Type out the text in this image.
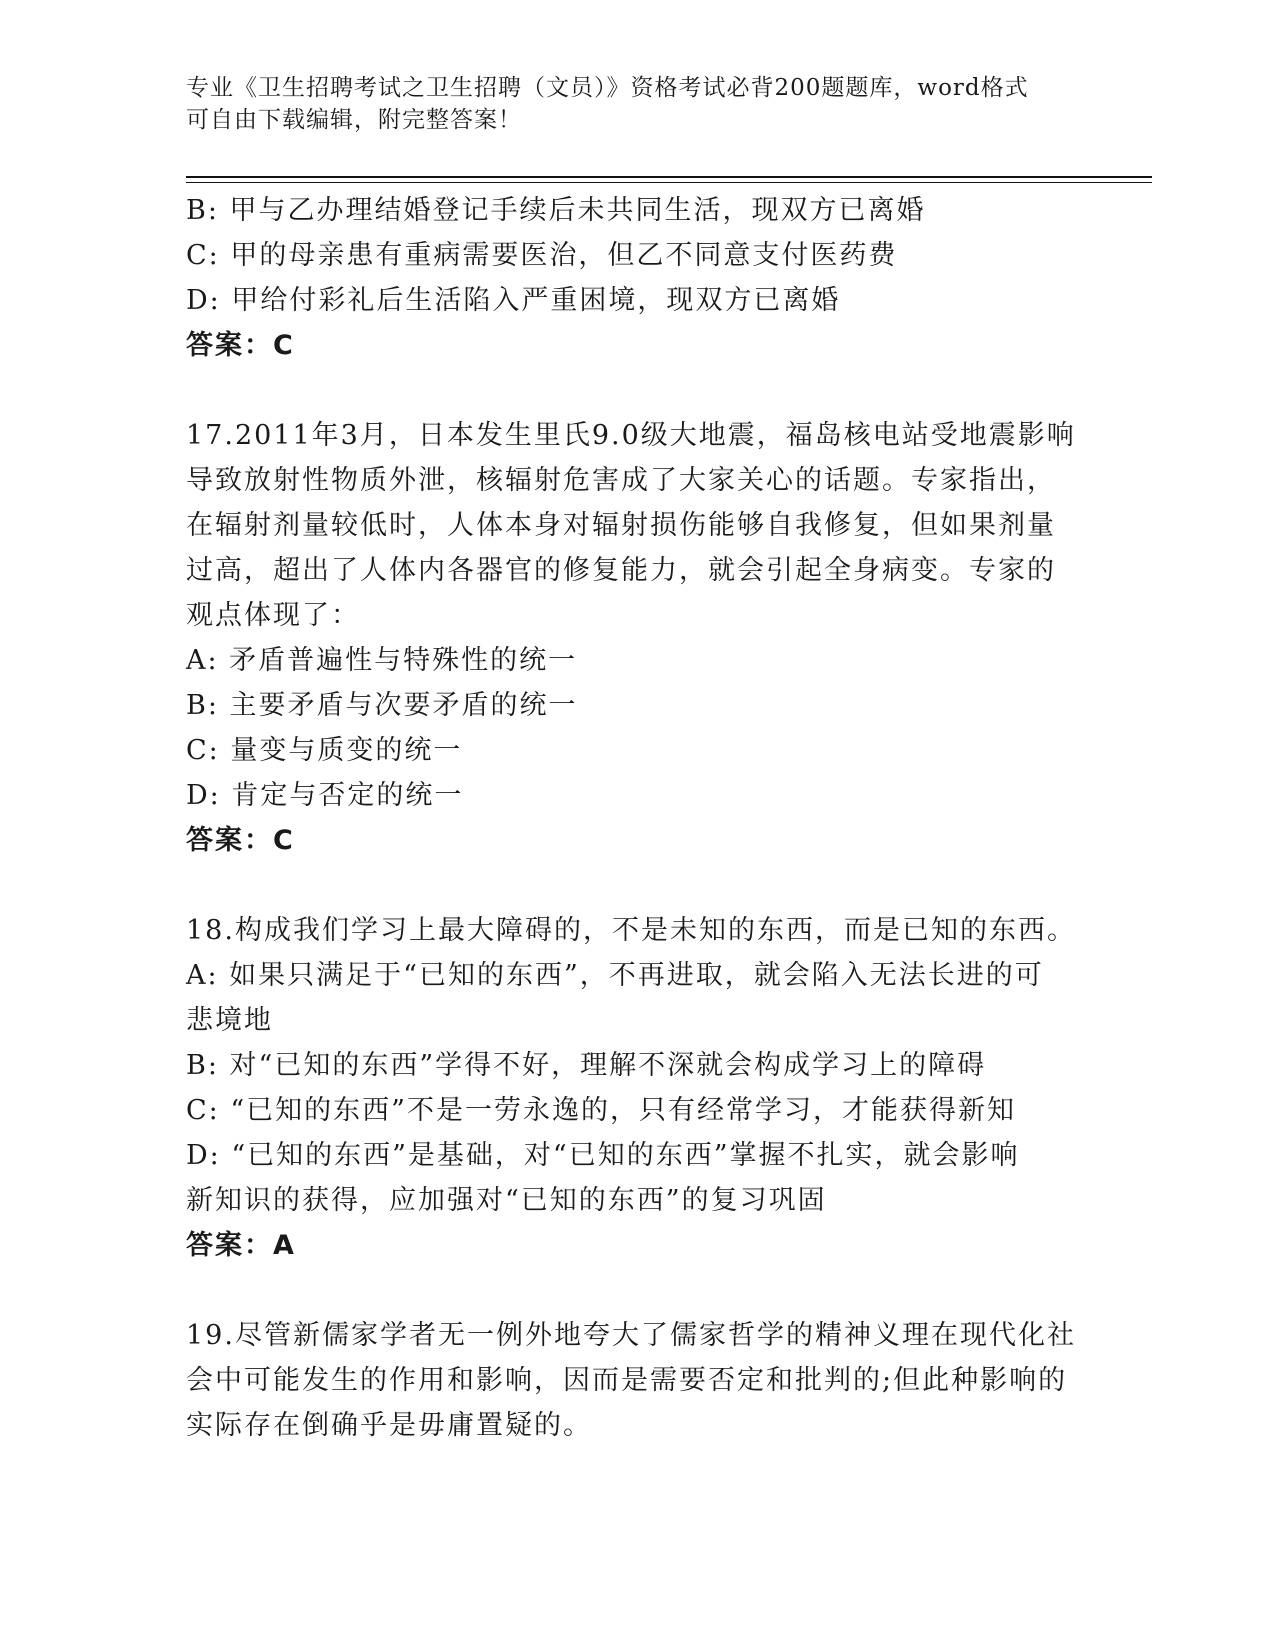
专业《卫生招聘考试之卫生招聘（文员）》资格考试必背200题题库，word格式
可自由下载编辑，附完整答案！

B: 甲与乙办理结婚登记手续后未共同生活，现双方已离婚

C: 甲的母亲患有重病需要医治，但乙不同意支付医药费

D: 甲给付彩礼后生活陷入严重困境，现双方已离婚

答案：C

17.2011年3月，日本发生里氏9.0级大地震，福岛核电站受地震影响

导致放射性物质外泄，核辐射危害成了大家关心的话题。专家指出，

在辐射剂量较低时，人体本身对辐射损伤能够自我修复，但如果剂量

过高，超出了人体内各器官的修复能力，就会引起全身病变。专家的

观点体现了：

A: 矛盾普遍性与特殊性的统一

B: 主要矛盾与次要矛盾的统一

C: 量变与质变的统一

D: 肯定与否定的统一

答案：C

18.构成我们学习上最大障碍的，不是未知的东西，而是已知的东西。

A: 如果只满足于“已知的东西”，不再进取，就会陷入无法长进的可

悲境地

B: 对“已知的东西”学得不好，理解不深就会构成学习上的障碍

C: “已知的东西”不是一劳永逸的，只有经常学习，才能获得新知

D: “已知的东西”是基础，对“已知的东西”掌握不扎实，就会影响

新知识的获得，应加强对“已知的东西”的复习巩固

答案：A

19.尽管新儒家学者无一例外地夸大了儒家哲学的精神义理在现代化社

会中可能发生的作用和影响，因而是需要否定和批判的;但此种影响的

实际存在倒确乎是毋庸置疑的。
